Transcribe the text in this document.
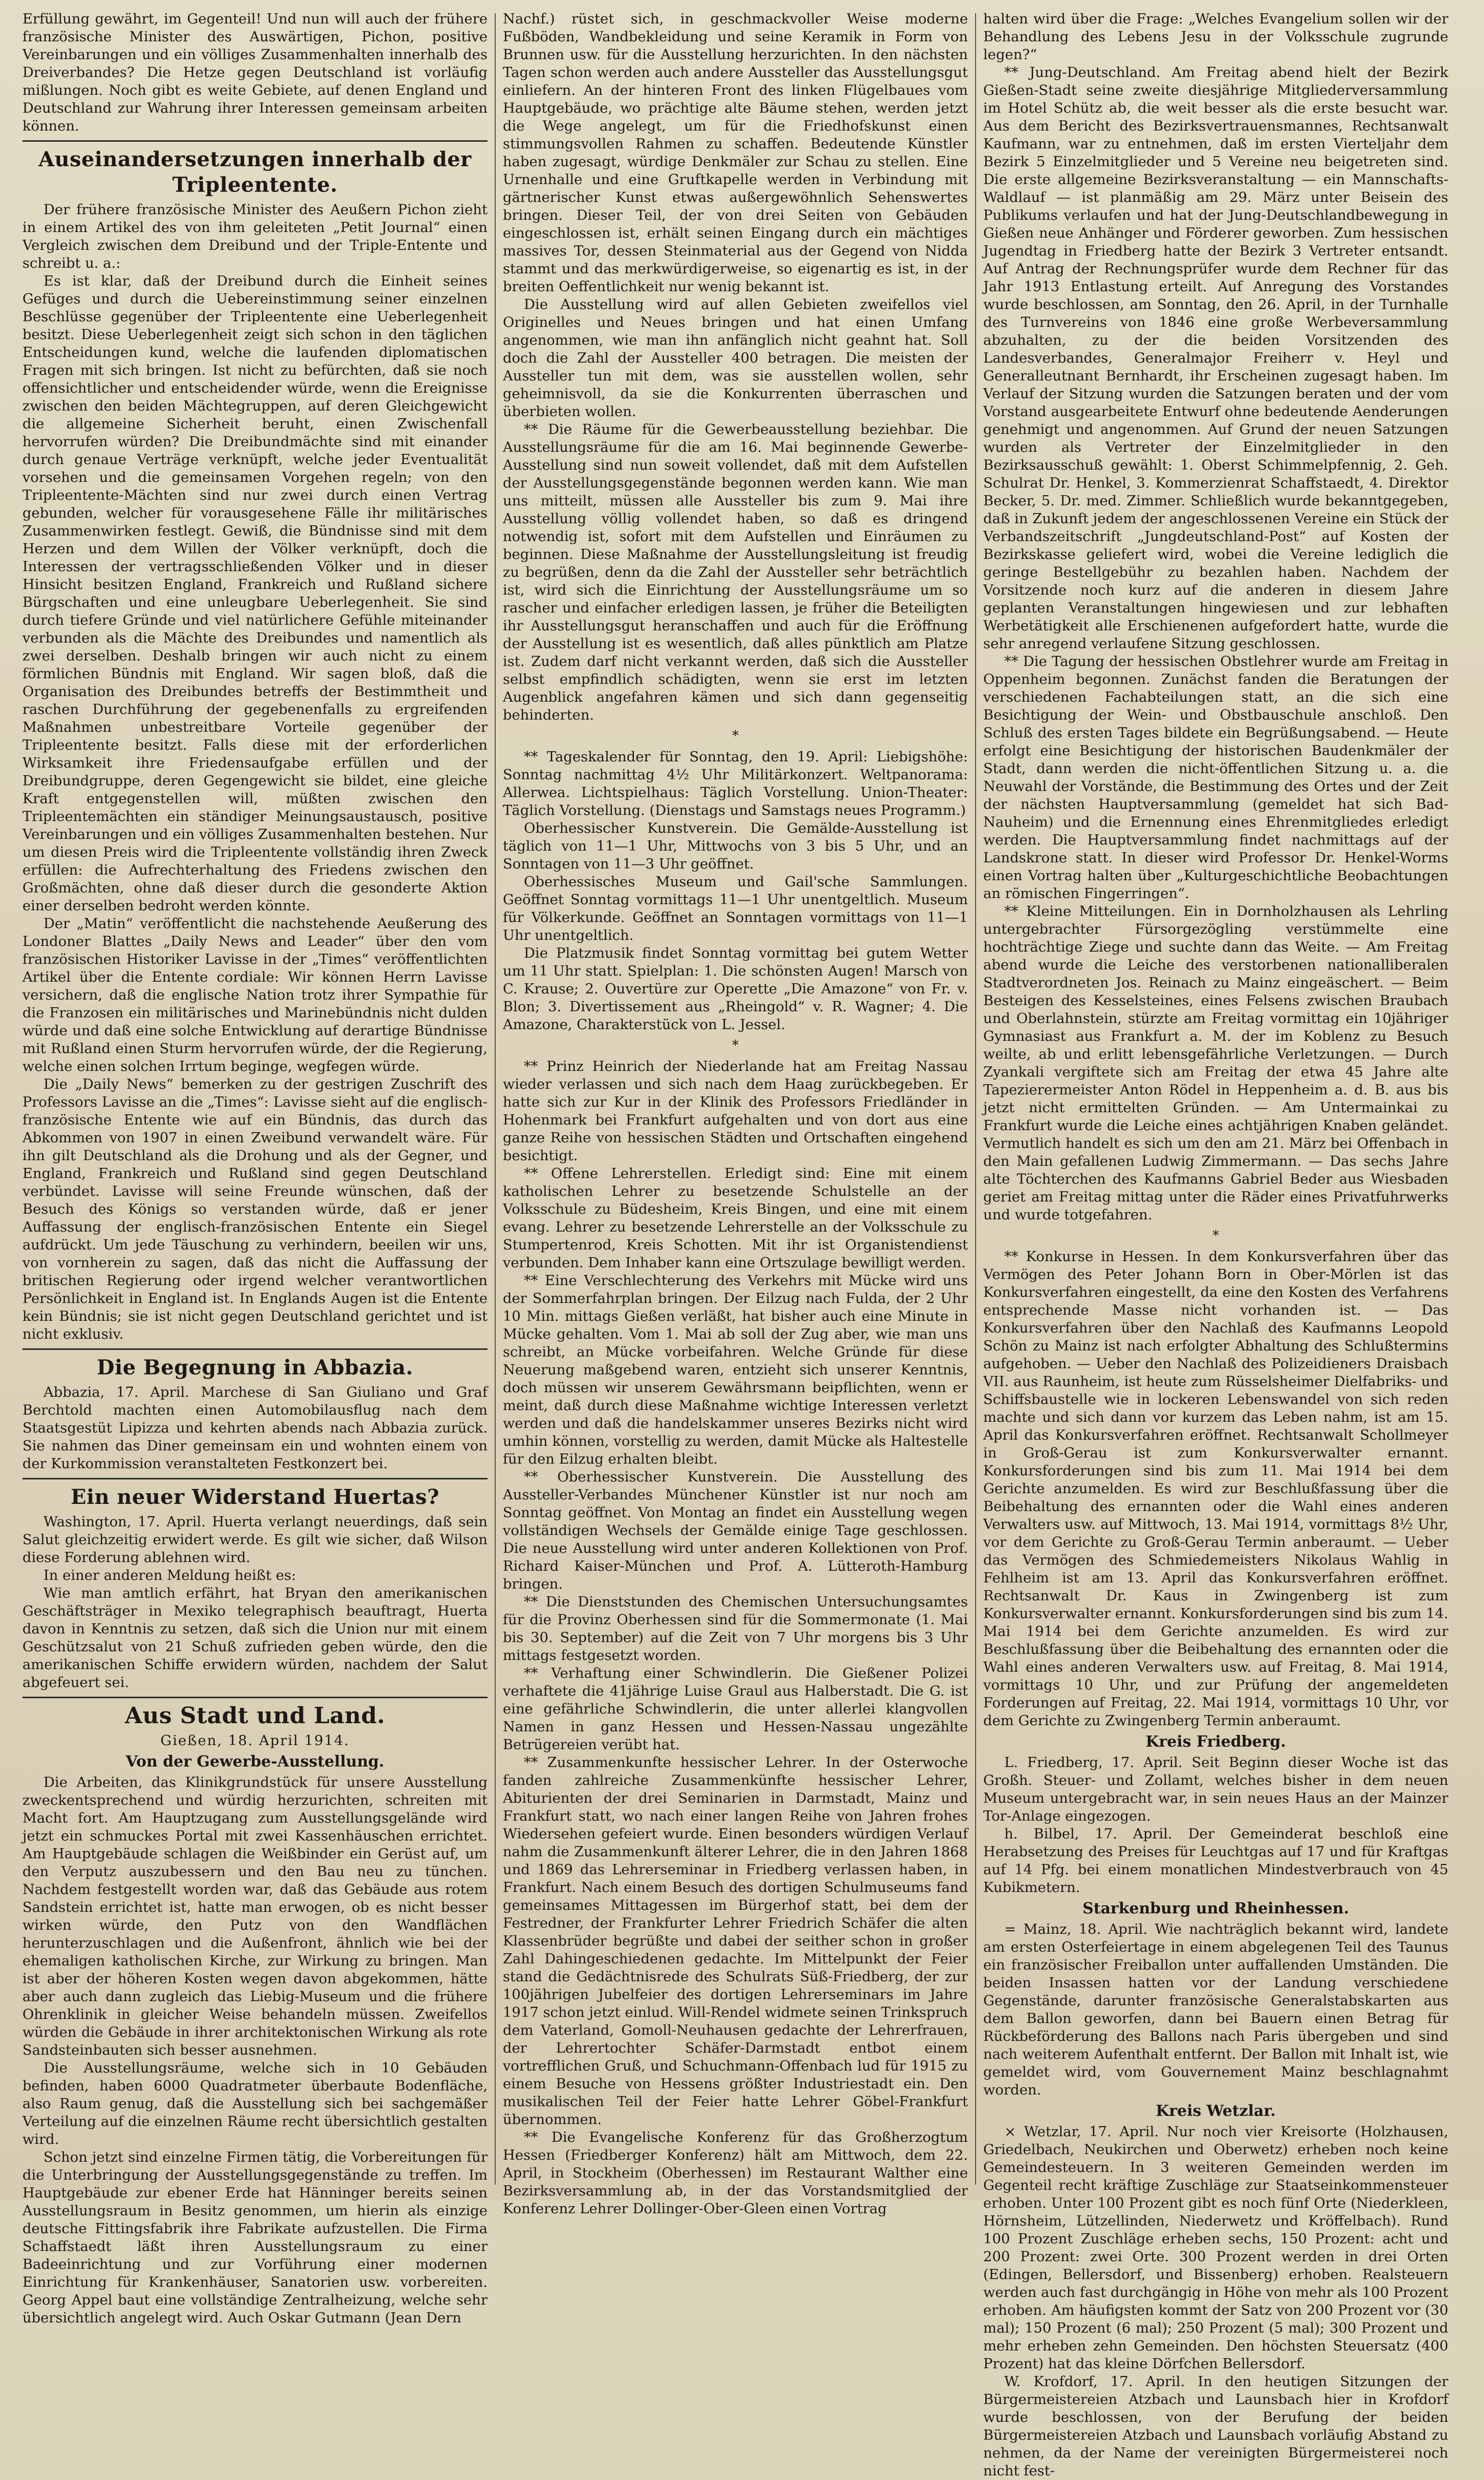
Erfüllung gewährt, im Gegenteil! Und nun will auch der frühere französische Minister des Auswärtigen, Pichon, positive Vereinbarungen und ein völliges Zusammenhalten innerhalb des Dreiverbandes? Die Hetze gegen Deutschland ist vorläufig mißlungen. Noch gibt es weite Gebiete, auf denen England und Deutschland zur Wahrung ihrer Interessen gemeinsam arbeiten können.

Auseinandersetzungen innerhalb der Tripleentente.

Der frühere französische Minister des Aeußern Pichon zieht in einem Artikel des von ihm geleiteten „Petit Journal“ einen Vergleich zwischen dem Dreibund und der Triple-Entente und schreibt u. a.:

Es ist klar, daß der Dreibund durch die Einheit seines Gefüges und durch die Uebereinstimmung seiner einzelnen Beschlüsse gegenüber der Tripleentente eine Ueberlegenheit besitzt. Diese Ueberlegenheit zeigt sich schon in den täglichen Entscheidungen kund, welche die laufenden diplomatischen Fragen mit sich bringen. Ist nicht zu befürchten, daß sie noch offensichtlicher und entscheidender würde, wenn die Ereignisse zwischen den beiden Mächtegruppen, auf deren Gleichgewicht die allgemeine Sicherheit beruht, einen Zwischenfall hervorrufen würden? Die Dreibundmächte sind mit einander durch genaue Verträge verknüpft, welche jeder Eventualität vorsehen und die gemeinsamen Vorgehen regeln; von den Tripleentente-Mächten sind nur zwei durch einen Vertrag gebunden, welcher für vorausgesehene Fälle ihr militärisches Zusammenwirken festlegt. Gewiß, die Bündnisse sind mit dem Herzen und dem Willen der Völker verknüpft, doch die Interessen der vertragsschließenden Völker und in dieser Hinsicht besitzen England, Frankreich und Rußland sichere Bürgschaften und eine unleugbare Ueberlegenheit. Sie sind durch tiefere Gründe und viel natürlichere Gefühle miteinander verbunden als die Mächte des Dreibundes und namentlich als zwei derselben. Deshalb bringen wir auch nicht zu einem förmlichen Bündnis mit England. Wir sagen bloß, daß die Organisation des Dreibundes betreffs der Bestimmtheit und raschen Durchführung der gegebenenfalls zu ergreifenden Maßnahmen unbestreitbare Vorteile gegenüber der Tripleentente besitzt. Falls diese mit der erforderlichen Wirksamkeit ihre Friedensaufgabe erfüllen und der Dreibundgruppe, deren Gegengewicht sie bildet, eine gleiche Kraft entgegenstellen will, müßten zwischen den Tripleentemächten ein ständiger Meinungsaustausch, positive Vereinbarungen und ein völliges Zusammenhalten bestehen. Nur um diesen Preis wird die Tripleentente vollständig ihren Zweck erfüllen: die Aufrechterhaltung des Friedens zwischen den Großmächten, ohne daß dieser durch die gesonderte Aktion einer derselben bedroht werden könnte.

Der „Matin“ veröffentlicht die nachstehende Aeußerung des Londoner Blattes „Daily News and Leader“ über den vom französischen Historiker Lavisse in der „Times“ veröffentlichten Artikel über die Entente cordiale: Wir können Herrn Lavisse versichern, daß die englische Nation trotz ihrer Sympathie für die Franzosen ein militärisches und Marinebündnis nicht dulden würde und daß eine solche Entwicklung auf derartige Bündnisse mit Rußland einen Sturm hervorrufen würde, der die Regierung, welche einen solchen Irrtum beginge, wegfegen würde.

Die „Daily News“ bemerken zu der gestrigen Zuschrift des Professors Lavisse an die „Times“: Lavisse sieht auf die englisch-französische Entente wie auf ein Bündnis, das durch das Abkommen von 1907 in einen Zweibund verwandelt wäre. Für ihn gilt Deutschland als die Drohung und als der Gegner, und England, Frankreich und Rußland sind gegen Deutschland verbündet. Lavisse will seine Freunde wünschen, daß der Besuch des Königs so verstanden würde, daß er jener Auffassung der englisch-französischen Entente ein Siegel aufdrückt. Um jede Täuschung zu verhindern, beeilen wir uns, von vornherein zu sagen, daß das nicht die Auffassung der britischen Regierung oder irgend welcher verantwortlichen Persönlichkeit in England ist. In Englands Augen ist die Entente kein Bündnis; sie ist nicht gegen Deutschland gerichtet und ist nicht exklusiv.

Die Begegnung in Abbazia.

Abbazia, 17. April. Marchese di San Giuliano und Graf Berchtold machten einen Automobilausflug nach dem Staatsgestüt Lipizza und kehrten abends nach Abbazia zurück. Sie nahmen das Diner gemeinsam ein und wohnten einem von der Kurkommission veranstalteten Festkonzert bei.

Ein neuer Widerstand Huertas?

Washington, 17. April. Huerta verlangt neuerdings, daß sein Salut gleichzeitig erwidert werde. Es gilt wie sicher, daß Wilson diese Forderung ablehnen wird.

In einer anderen Meldung heißt es:

Wie man amtlich erfährt, hat Bryan den amerikanischen Geschäftsträger in Mexiko telegraphisch beauftragt, Huerta davon in Kenntnis zu setzen, daß sich die Union nur mit einem Geschützsalut von 21 Schuß zufrieden geben würde, den die amerikanischen Schiffe erwidern würden, nachdem der Salut abgefeuert sei.

Aus Stadt und Land.
Gießen, 18. April 1914.
Von der Gewerbe-Ausstellung.

Die Arbeiten, das Klinikgrundstück für unsere Ausstellung zweckentsprechend und würdig herzurichten, schreiten mit Macht fort. Am Hauptzugang zum Ausstellungsgelände wird jetzt ein schmuckes Portal mit zwei Kassenhäuschen errichtet. Am Hauptgebäude schlagen die Weißbinder ein Gerüst auf, um den Verputz auszubessern und den Bau neu zu tünchen. Nachdem festgestellt worden war, daß das Gebäude aus rotem Sandstein errichtet ist, hatte man erwogen, ob es nicht besser wirken würde, den Putz von den Wandflächen herunterzuschlagen und die Außenfront, ähnlich wie bei der ehemaligen katholischen Kirche, zur Wirkung zu bringen. Man ist aber der höheren Kosten wegen davon abgekommen, hätte aber auch dann zugleich das Liebig-Museum und die frühere Ohrenklinik in gleicher Weise behandeln müssen. Zweifellos würden die Gebäude in ihrer architektonischen Wirkung als rote Sandsteinbauten sich besser ausnehmen.

Die Ausstellungsräume, welche sich in 10 Gebäuden befinden, haben 6000 Quadratmeter überbaute Bodenfläche, also Raum genug, daß die Ausstellung sich bei sachgemäßer Verteilung auf die einzelnen Räume recht übersichtlich gestalten wird.

Schon jetzt sind einzelne Firmen tätig, die Vorbereitungen für die Unterbringung der Ausstellungsgegenstände zu treffen. Im Hauptgebäude zur ebener Erde hat Hänninger bereits seinen Ausstellungsraum in Besitz genommen, um hierin als einzige deutsche Fittingsfabrik ihre Fabrikate aufzustellen. Die Firma Schaffstaedt läßt ihren Ausstellungsraum zu einer Badeeinrichtung und zur Vorführung einer modernen Einrichtung für Krankenhäuser, Sanatorien usw. vorbereiten. Georg Appel baut eine vollständige Zentralheizung, welche sehr übersichtlich angelegt wird. Auch Oskar Gutmann (Jean Dern

Nachf.) rüstet sich, in geschmackvoller Weise moderne Fußböden, Wandbekleidung und seine Keramik in Form von Brunnen usw. für die Ausstellung herzurichten. In den nächsten Tagen schon werden auch andere Aussteller das Ausstellungsgut einliefern. An der hinteren Front des linken Flügelbaues vom Hauptgebäude, wo prächtige alte Bäume stehen, werden jetzt die Wege angelegt, um für die Friedhofskunst einen stimmungsvollen Rahmen zu schaffen. Bedeutende Künstler haben zugesagt, würdige Denkmäler zur Schau zu stellen. Eine Urnenhalle und eine Gruftkapelle werden in Verbindung mit gärtnerischer Kunst etwas außergewöhnlich Sehenswertes bringen. Dieser Teil, der von drei Seiten von Gebäuden eingeschlossen ist, erhält seinen Eingang durch ein mächtiges massives Tor, dessen Steinmaterial aus der Gegend von Nidda stammt und das merkwürdigerweise, so eigenartig es ist, in der breiten Oeffentlichkeit nur wenig bekannt ist.

Die Ausstellung wird auf allen Gebieten zweifellos viel Originelles und Neues bringen und hat einen Umfang angenommen, wie man ihn anfänglich nicht geahnt hat. Soll doch die Zahl der Aussteller 400 betragen. Die meisten der Aussteller tun mit dem, was sie ausstellen wollen, sehr geheimnisvoll, da sie die Konkurrenten überraschen und überbieten wollen.

** Die Räume für die Gewerbeausstellung beziehbar. Die Ausstellungsräume für die am 16. Mai beginnende Gewerbe-Ausstellung sind nun soweit vollendet, daß mit dem Aufstellen der Ausstellungsgegenstände begonnen werden kann. Wie man uns mitteilt, müssen alle Aussteller bis zum 9. Mai ihre Ausstellung völlig vollendet haben, so daß es dringend notwendig ist, sofort mit dem Aufstellen und Einräumen zu beginnen. Diese Maßnahme der Ausstellungsleitung ist freudig zu begrüßen, denn da die Zahl der Aussteller sehr beträchtlich ist, wird sich die Einrichtung der Ausstellungsräume um so rascher und einfacher erledigen lassen, je früher die Beteiligten ihr Ausstellungsgut heranschaffen und auch für die Eröffnung der Ausstellung ist es wesentlich, daß alles pünktlich am Platze ist. Zudem darf nicht verkannt werden, daß sich die Aussteller selbst empfindlich schädigten, wenn sie erst im letzten Augenblick angefahren kämen und sich dann gegenseitig behinderten.

*

** Tageskalender für Sonntag, den 19. April: Liebigshöhe: Sonntag nachmittag 4½ Uhr Militärkonzert. Weltpanorama: Allerwea. Lichtspielhaus: Täglich Vorstellung. Union-Theater: Täglich Vorstellung. (Dienstags und Samstags neues Programm.)

Oberhessischer Kunstverein. Die Gemälde-Ausstellung ist täglich von 11—1 Uhr, Mittwochs von 3 bis 5 Uhr, und an Sonntagen von 11—3 Uhr geöffnet.

Oberhessisches Museum und Gail'sche Sammlungen. Geöffnet Sonntag vormittags 11—1 Uhr unentgeltlich. Museum für Völkerkunde. Geöffnet an Sonntagen vormittags von 11—1 Uhr unentgeltlich.

Die Platzmusik findet Sonntag vormittag bei gutem Wetter um 11 Uhr statt. Spielplan: 1. Die schönsten Augen! Marsch von C. Krause; 2. Ouvertüre zur Operette „Die Amazone“ von Fr. v. Blon; 3. Divertissement aus „Rheingold“ v. R. Wagner; 4. Die Amazone, Charakterstück von L. Jessel.

*

** Prinz Heinrich der Niederlande hat am Freitag Nassau wieder verlassen und sich nach dem Haag zurückbegeben. Er hatte sich zur Kur in der Klinik des Professors Friedländer in Hohenmark bei Frankfurt aufgehalten und von dort aus eine ganze Reihe von hessischen Städten und Ortschaften eingehend besichtigt.

** Offene Lehrerstellen. Erledigt sind: Eine mit einem katholischen Lehrer zu besetzende Schulstelle an der Volksschule zu Büdesheim, Kreis Bingen, und eine mit einem evang. Lehrer zu besetzende Lehrerstelle an der Volksschule zu Stumpertenrod, Kreis Schotten. Mit ihr ist Organistendienst verbunden. Dem Inhaber kann eine Ortszulage bewilligt werden.

** Eine Verschlechterung des Verkehrs mit Mücke wird uns der Sommerfahrplan bringen. Der Eilzug nach Fulda, der 2 Uhr 10 Min. mittags Gießen verläßt, hat bisher auch eine Minute in Mücke gehalten. Vom 1. Mai ab soll der Zug aber, wie man uns schreibt, an Mücke vorbeifahren. Welche Gründe für diese Neuerung maßgebend waren, entzieht sich unserer Kenntnis, doch müssen wir unserem Gewährsmann beipflichten, wenn er meint, daß durch diese Maßnahme wichtige Interessen verletzt werden und daß die handelskammer unseres Bezirks nicht wird umhin können, vorstellig zu werden, damit Mücke als Haltestelle für den Eilzug erhalten bleibt.

** Oberhessischer Kunstverein. Die Ausstellung des Aussteller-Verbandes Münchener Künstler ist nur noch am Sonntag geöffnet. Von Montag an findet ein Ausstellung wegen vollständigen Wechsels der Gemälde einige Tage geschlossen. Die neue Ausstellung wird unter anderen Kollektionen von Prof. Richard Kaiser-München und Prof. A. Lütteroth-Hamburg bringen.

** Die Dienststunden des Chemischen Untersuchungsamtes für die Provinz Oberhessen sind für die Sommermonate (1. Mai bis 30. September) auf die Zeit von 7 Uhr morgens bis 3 Uhr mittags festgesetzt worden.

** Verhaftung einer Schwindlerin. Die Gießener Polizei verhaftete die 41jährige Luise Graul aus Halberstadt. Die G. ist eine gefährliche Schwindlerin, die unter allerlei klangvollen Namen in ganz Hessen und Hessen-Nassau ungezählte Betrügereien verübt hat.

** Zusammenkunfte hessischer Lehrer. In der Osterwoche fanden zahlreiche Zusammenkünfte hessischer Lehrer, Abiturienten der drei Seminarien in Darmstadt, Mainz und Frankfurt statt, wo nach einer langen Reihe von Jahren frohes Wiedersehen gefeiert wurde. Einen besonders würdigen Verlauf nahm die Zusammenkunft älterer Lehrer, die in den Jahren 1868 und 1869 das Lehrerseminar in Friedberg verlassen haben, in Frankfurt. Nach einem Besuch des dortigen Schulmuseums fand gemeinsames Mittagessen im Bürgerhof statt, bei dem der Festredner, der Frankfurter Lehrer Friedrich Schäfer die alten Klassenbrüder begrüßte und dabei der seither schon in großer Zahl Dahingeschiedenen gedachte. Im Mittelpunkt der Feier stand die Gedächtnisrede des Schulrats Süß-Friedberg, der zur 100jährigen Jubelfeier des dortigen Lehrerseminars im Jahre 1917 schon jetzt einlud. Will-Rendel widmete seinen Trinkspruch dem Vaterland, Gomoll-Neuhausen gedachte der Lehrerfrauen, der Lehrertochter Schäfer-Darmstadt entbot einem vortrefflichen Gruß, und Schuchmann-Offenbach lud für 1915 zu einem Besuche von Hessens größter Industriestadt ein. Den musikalischen Teil der Feier hatte Lehrer Göbel-Frankfurt übernommen.

** Die Evangelische Konferenz für das Großherzogtum Hessen (Friedberger Konferenz) hält am Mittwoch, dem 22. April, in Stockheim (Oberhessen) im Restaurant Walther eine Bezirksversammlung ab, in der das Vorstandsmitglied der Konferenz Lehrer Dollinger-Ober-Gleen einen Vortrag

halten wird über die Frage: „Welches Evangelium sollen wir der Behandlung des Lebens Jesu in der Volksschule zugrunde legen?“

** Jung-Deutschland. Am Freitag abend hielt der Bezirk Gießen-Stadt seine zweite diesjährige Mitgliederversammlung im Hotel Schütz ab, die weit besser als die erste besucht war. Aus dem Bericht des Bezirksvertrauensmannes, Rechtsanwalt Kaufmann, war zu entnehmen, daß im ersten Vierteljahr dem Bezirk 5 Einzelmitglieder und 5 Vereine neu beigetreten sind. Die erste allgemeine Bezirksveranstaltung — ein Mannschafts-Waldlauf — ist planmäßig am 29. März unter Beisein des Publikums verlaufen und hat der Jung-Deutschlandbewegung in Gießen neue Anhänger und Förderer geworben. Zum hessischen Jugendtag in Friedberg hatte der Bezirk 3 Vertreter entsandt. Auf Antrag der Rechnungsprüfer wurde dem Rechner für das Jahr 1913 Entlastung erteilt. Auf Anregung des Vorstandes wurde beschlossen, am Sonntag, den 26. April, in der Turnhalle des Turnvereins von 1846 eine große Werbeversammlung abzuhalten, zu der die beiden Vorsitzenden des Landesverbandes, Generalmajor Freiherr v. Heyl und Generalleutnant Bernhardt, ihr Erscheinen zugesagt haben. Im Verlauf der Sitzung wurden die Satzungen beraten und der vom Vorstand ausgearbeitete Entwurf ohne bedeutende Aenderungen genehmigt und angenommen. Auf Grund der neuen Satzungen wurden als Vertreter der Einzelmitglieder in den Bezirksausschuß gewählt: 1. Oberst Schimmelpfennig, 2. Geh. Schulrat Dr. Henkel, 3. Kommerzienrat Schaffstaedt, 4. Direktor Becker, 5. Dr. med. Zimmer. Schließlich wurde bekanntgegeben, daß in Zukunft jedem der angeschlossenen Vereine ein Stück der Verbandszeitschrift „Jungdeutschland-Post“ auf Kosten der Bezirkskasse geliefert wird, wobei die Vereine lediglich die geringe Bestellgebühr zu bezahlen haben. Nachdem der Vorsitzende noch kurz auf die anderen in diesem Jahre geplanten Veranstaltungen hingewiesen und zur lebhaften Werbetätigkeit alle Erschienenen aufgefordert hatte, wurde die sehr anregend verlaufene Sitzung geschlossen.

** Die Tagung der hessischen Obstlehrer wurde am Freitag in Oppenheim begonnen. Zunächst fanden die Beratungen der verschiedenen Fachabteilungen statt, an die sich eine Besichtigung der Wein- und Obstbauschule anschloß. Den Schluß des ersten Tages bildete ein Begrüßungsabend. — Heute erfolgt eine Besichtigung der historischen Baudenkmäler der Stadt, dann werden die nicht-öffentlichen Sitzung u. a. die Neuwahl der Vorstände, die Bestimmung des Ortes und der Zeit der nächsten Hauptversammlung (gemeldet hat sich Bad-Nauheim) und die Ernennung eines Ehrenmitgliedes erledigt werden. Die Hauptversammlung findet nachmittags auf der Landskrone statt. In dieser wird Professor Dr. Henkel-Worms einen Vortrag halten über „Kulturgeschichtliche Beobachtungen an römischen Fingerringen“.

** Kleine Mitteilungen. Ein in Dornholzhausen als Lehrling untergebrachter Fürsorgezögling verstümmelte eine hochträchtige Ziege und suchte dann das Weite. — Am Freitag abend wurde die Leiche des verstorbenen nationalliberalen Stadtverordneten Jos. Reinach zu Mainz eingeäschert. — Beim Besteigen des Kesselsteines, eines Felsens zwischen Braubach und Oberlahnstein, stürzte am Freitag vormittag ein 10jähriger Gymnasiast aus Frankfurt a. M. der im Koblenz zu Besuch weilte, ab und erlitt lebensgefährliche Verletzungen. — Durch Zyankali vergiftete sich am Freitag der etwa 45 Jahre alte Tapezierermeister Anton Rödel in Heppenheim a. d. B. aus bis jetzt nicht ermittelten Gründen. — Am Untermainkai zu Frankfurt wurde die Leiche eines achtjährigen Knaben geländet. Vermutlich handelt es sich um den am 21. März bei Offenbach in den Main gefallenen Ludwig Zimmermann. — Das sechs Jahre alte Töchterchen des Kaufmanns Gabriel Beder aus Wiesbaden geriet am Freitag mittag unter die Räder eines Privatfuhrwerks und wurde totgefahren.

*

** Konkurse in Hessen. In dem Konkursverfahren über das Vermögen des Peter Johann Born in Ober-Mörlen ist das Konkursverfahren eingestellt, da eine den Kosten des Verfahrens entsprechende Masse nicht vorhanden ist. — Das Konkursverfahren über den Nachlaß des Kaufmanns Leopold Schön zu Mainz ist nach erfolgter Abhaltung des Schlußtermins aufgehoben. — Ueber den Nachlaß des Polizeidieners Draisbach VII. aus Raunheim, ist heute zum Rüsselsheimer Dielfabriks- und Schiffsbaustelle wie in lockeren Lebenswandel von sich reden machte und sich dann vor kurzem das Leben nahm, ist am 15. April das Konkursverfahren eröffnet. Rechtsanwalt Schollmeyer in Groß-Gerau ist zum Konkursverwalter ernannt. Konkursforderungen sind bis zum 11. Mai 1914 bei dem Gerichte anzumelden. Es wird zur Beschlußfassung über die Beibehaltung des ernannten oder die Wahl eines anderen Verwalters usw. auf Mittwoch, 13. Mai 1914, vormittags 8½ Uhr, vor dem Gerichte zu Groß-Gerau Termin anberaumt. — Ueber das Vermögen des Schmiedemeisters Nikolaus Wahlig in Fehlheim ist am 13. April das Konkursverfahren eröffnet. Rechtsanwalt Dr. Kaus in Zwingenberg ist zum Konkursverwalter ernannt. Konkursforderungen sind bis zum 14. Mai 1914 bei dem Gerichte anzumelden. Es wird zur Beschlußfassung über die Beibehaltung des ernannten oder die Wahl eines anderen Verwalters usw. auf Freitag, 8. Mai 1914, vormittags 10 Uhr, und zur Prüfung der angemeldeten Forderungen auf Freitag, 22. Mai 1914, vormittags 10 Uhr, vor dem Gerichte zu Zwingenberg Termin anberaumt.

Kreis Friedberg.

L. Friedberg, 17. April. Seit Beginn dieser Woche ist das Großh. Steuer- und Zollamt, welches bisher in dem neuen Museum untergebracht war, in sein neues Haus an der Mainzer Tor-Anlage eingezogen.

h. Bilbel, 17. April. Der Gemeinderat beschloß eine Herabsetzung des Preises für Leuchtgas auf 17 und für Kraftgas auf 14 Pfg. bei einem monatlichen Mindestverbrauch von 45 Kubikmetern.

Starkenburg und Rheinhessen.

= Mainz, 18. April. Wie nachträglich bekannt wird, landete am ersten Osterfeiertage in einem abgelegenen Teil des Taunus ein französischer Freiballon unter auffallenden Umständen. Die beiden Insassen hatten vor der Landung verschiedene Gegenstände, darunter französische Generalstabskarten aus dem Ballon geworfen, dann bei Bauern einen Betrag für Rückbeförderung des Ballons nach Paris übergeben und sind nach weiterem Aufenthalt entfernt. Der Ballon mit Inhalt ist, wie gemeldet wird, vom Gouvernement Mainz beschlagnahmt worden.

Kreis Wetzlar.

× Wetzlar, 17. April. Nur noch vier Kreisorte (Holzhausen, Griedelbach, Neukirchen und Oberwetz) erheben noch keine Gemeindesteuern. In 3 weiteren Gemeinden werden im Gegenteil recht kräftige Zuschläge zur Staatseinkommensteuer erhoben. Unter 100 Prozent gibt es noch fünf Orte (Niederkleen, Hörnsheim, Lützellinden, Niederwetz und Kröffelbach). Rund 100 Prozent Zuschläge erheben sechs, 150 Prozent: acht und 200 Prozent: zwei Orte. 300 Prozent werden in drei Orten (Edingen, Bellersdorf, und Bissenberg) erhoben. Realsteuern werden auch fast durchgängig in Höhe von mehr als 100 Prozent erhoben. Am häufigsten kommt der Satz von 200 Prozent vor (30 mal); 150 Prozent (6 mal); 250 Prozent (5 mal); 300 Prozent und mehr erheben zehn Gemeinden. Den höchsten Steuersatz (400 Prozent) hat das kleine Dörfchen Bellersdorf.

W. Krofdorf, 17. April. In den heutigen Sitzungen der Bürgermeistereien Atzbach und Launsbach hier in Krofdorf wurde beschlossen, von der Berufung der beiden Bürgermeistereien Atzbach und Launsbach vorläufig Abstand zu nehmen, da der Name der vereinigten Bürgermeisterei noch nicht fest-
